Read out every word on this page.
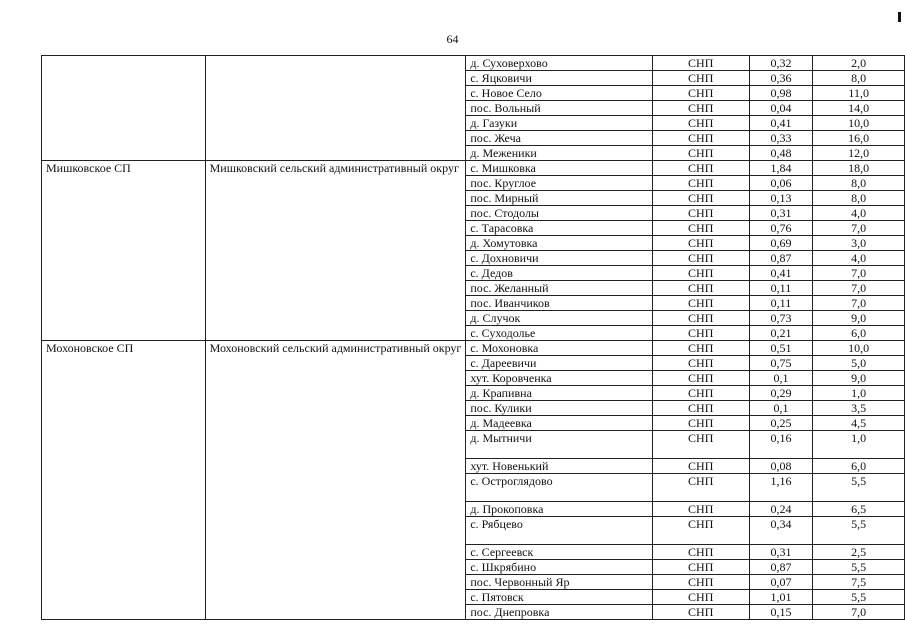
64
		д. Суховерхово	СНП	0,32	2,0
		с. Яцковичи	СНП	0,36	8,0
		с. Новое Село	СНП	0,98	11,0
		пос. Вольный	СНП	0,04	14,0
		д. Газуки	СНП	0,41	10,0
		пос. Жеча	СНП	0,33	16,0
		д. Меженики	СНП	0,48	12,0
Мишковское СП	Мишковский сельский административный округ	с. Мишковка	СНП	1,84	18,0
		пос. Круглое	СНП	0,06	8,0
		пос. Мирный	СНП	0,13	8,0
		пос. Стодолы	СНП	0,31	4,0
		с. Тарасовка	СНП	0,76	7,0
		д. Хомутовка	СНП	0,69	3,0
		с. Дохновичи	СНП	0,87	4,0
		с. Дедов	СНП	0,41	7,0
		пос. Желанный	СНП	0,11	7,0
		пос. Иванчиков	СНП	0,11	7,0
		д. Случок	СНП	0,73	9,0
		с. Суходолье	СНП	0,21	6,0
Мохоновское СП	Мохоновский сельский административный округ	с. Мохоновка	СНП	0,51	10,0
		с. Дареевичи	СНП	0,75	5,0
		хут. Коровченка	СНП	0,1	9,0
		д. Крапивна	СНП	0,29	1,0
		пос. Кулики	СНП	0,1	3,5
		д. Мадеевка	СНП	0,25	4,5
		д. Мытничи	СНП	0,16	1,0
		хут. Новенький	СНП	0,08	6,0
		с. Остроглядово	СНП	1,16	5,5
		д. Прокоповка	СНП	0,24	6,5
		с. Рябцево	СНП	0,34	5,5
		с. Сергеевск	СНП	0,31	2,5
		с. Шкрябино	СНП	0,87	5,5
		пос. Червонный Яр	СНП	0,07	7,5
		с. Пятовск	СНП	1,01	5,5
		пос. Днепровка	СНП	0,15	7,0
